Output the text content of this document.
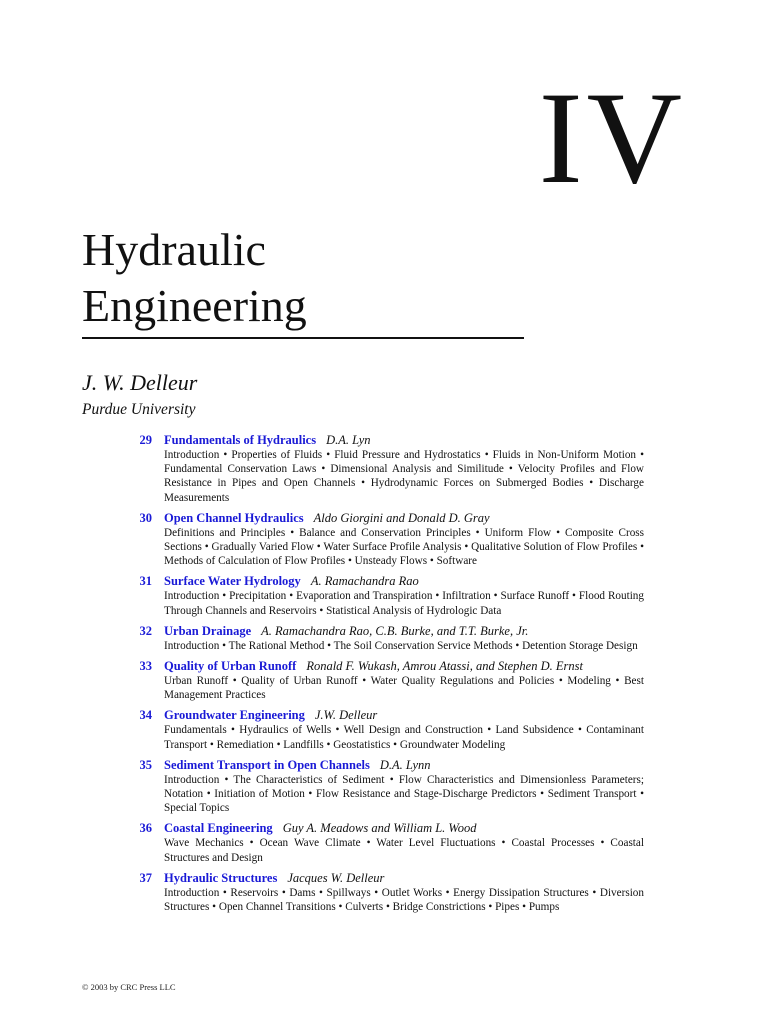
IV
Hydraulic
Engineering
J. W. Delleur
Purdue University
29 Fundamentals of Hydraulics D.A. Lyn
Introduction • Properties of Fluids • Fluid Pressure and Hydrostatics • Fluids in Non-Uniform Motion • Fundamental Conservation Laws • Dimensional Analysis and Similitude • Velocity Profiles and Flow Resistance in Pipes and Open Channels • Hydrodynamic Forces on Submerged Bodies • Discharge Measurements
30 Open Channel Hydraulics Aldo Giorgini and Donald D. Gray
Definitions and Principles • Balance and Conservation Principles • Uniform Flow • Composite Cross Sections • Gradually Varied Flow • Water Surface Profile Analysis • Qualitative Solution of Flow Profiles • Methods of Calculation of Flow Profiles • Unsteady Flows • Software
31 Surface Water Hydrology A. Ramachandra Rao
Introduction • Precipitation • Evaporation and Transpiration • Infiltration • Surface Runoff • Flood Routing Through Channels and Reservoirs • Statistical Analysis of Hydrologic Data
32 Urban Drainage A. Ramachandra Rao, C.B. Burke, and T.T. Burke, Jr.
Introduction • The Rational Method • The Soil Conservation Service Methods • Detention Storage Design
33 Quality of Urban Runoff Ronald F. Wukash, Amrou Atassi, and Stephen D. Ernst
Urban Runoff • Quality of Urban Runoff • Water Quality Regulations and Policies • Modeling • Best Management Practices
34 Groundwater Engineering J.W. Delleur
Fundamentals • Hydraulics of Wells • Well Design and Construction • Land Subsidence • Contaminant Transport • Remediation • Landfills • Geostatistics • Groundwater Modeling
35 Sediment Transport in Open Channels D.A. Lynn
Introduction • The Characteristics of Sediment • Flow Characteristics and Dimensionless Parameters; Notation • Initiation of Motion • Flow Resistance and Stage-Discharge Predictors • Sediment Transport • Special Topics
36 Coastal Engineering Guy A. Meadows and William L. Wood
Wave Mechanics • Ocean Wave Climate • Water Level Fluctuations • Coastal Processes • Coastal Structures and Design
37 Hydraulic Structures Jacques W. Delleur
Introduction • Reservoirs • Dams • Spillways • Outlet Works • Energy Dissipation Structures • Diversion Structures • Open Channel Transitions • Culverts • Bridge Constrictions • Pipes • Pumps
© 2003 by CRC Press LLC
